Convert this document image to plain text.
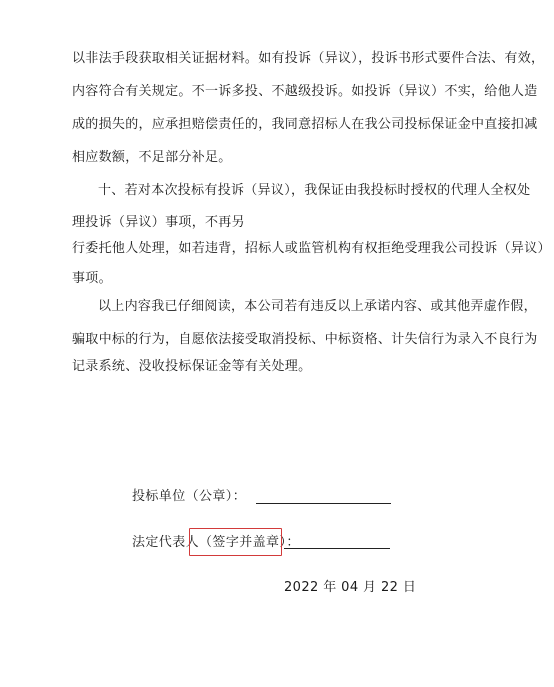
以非法手段获取相关证据材料。如有投诉（异议），投诉书形式要件合法、有效，
内容符合有关规定。不一诉多投、不越级投诉。如投诉（异议）不实，给他人造
成的损失的，应承担赔偿责任的，我同意招标人在我公司投标保证金中直接扣减
相应数额，不足部分补足。
十、若对本次投标有投诉（异议），我保证由我投标时授权的代理人全权处
理投诉（异议）事项，不再另
行委托他人处理，如若违背，招标人或监管机构有权拒绝受理我公司投诉（异议）
事项。
以上内容我已仔细阅读，本公司若有违反以上承诺内容、或其他弄虚作假，
骗取中标的行为，自愿依法接受取消投标、中标资格、计失信行为录入不良行为
记录系统、没收投标保证金等有关处理。
投标单位（公章）：
法定代表人（签字并盖章）：
2022 年 04 月 22 日
